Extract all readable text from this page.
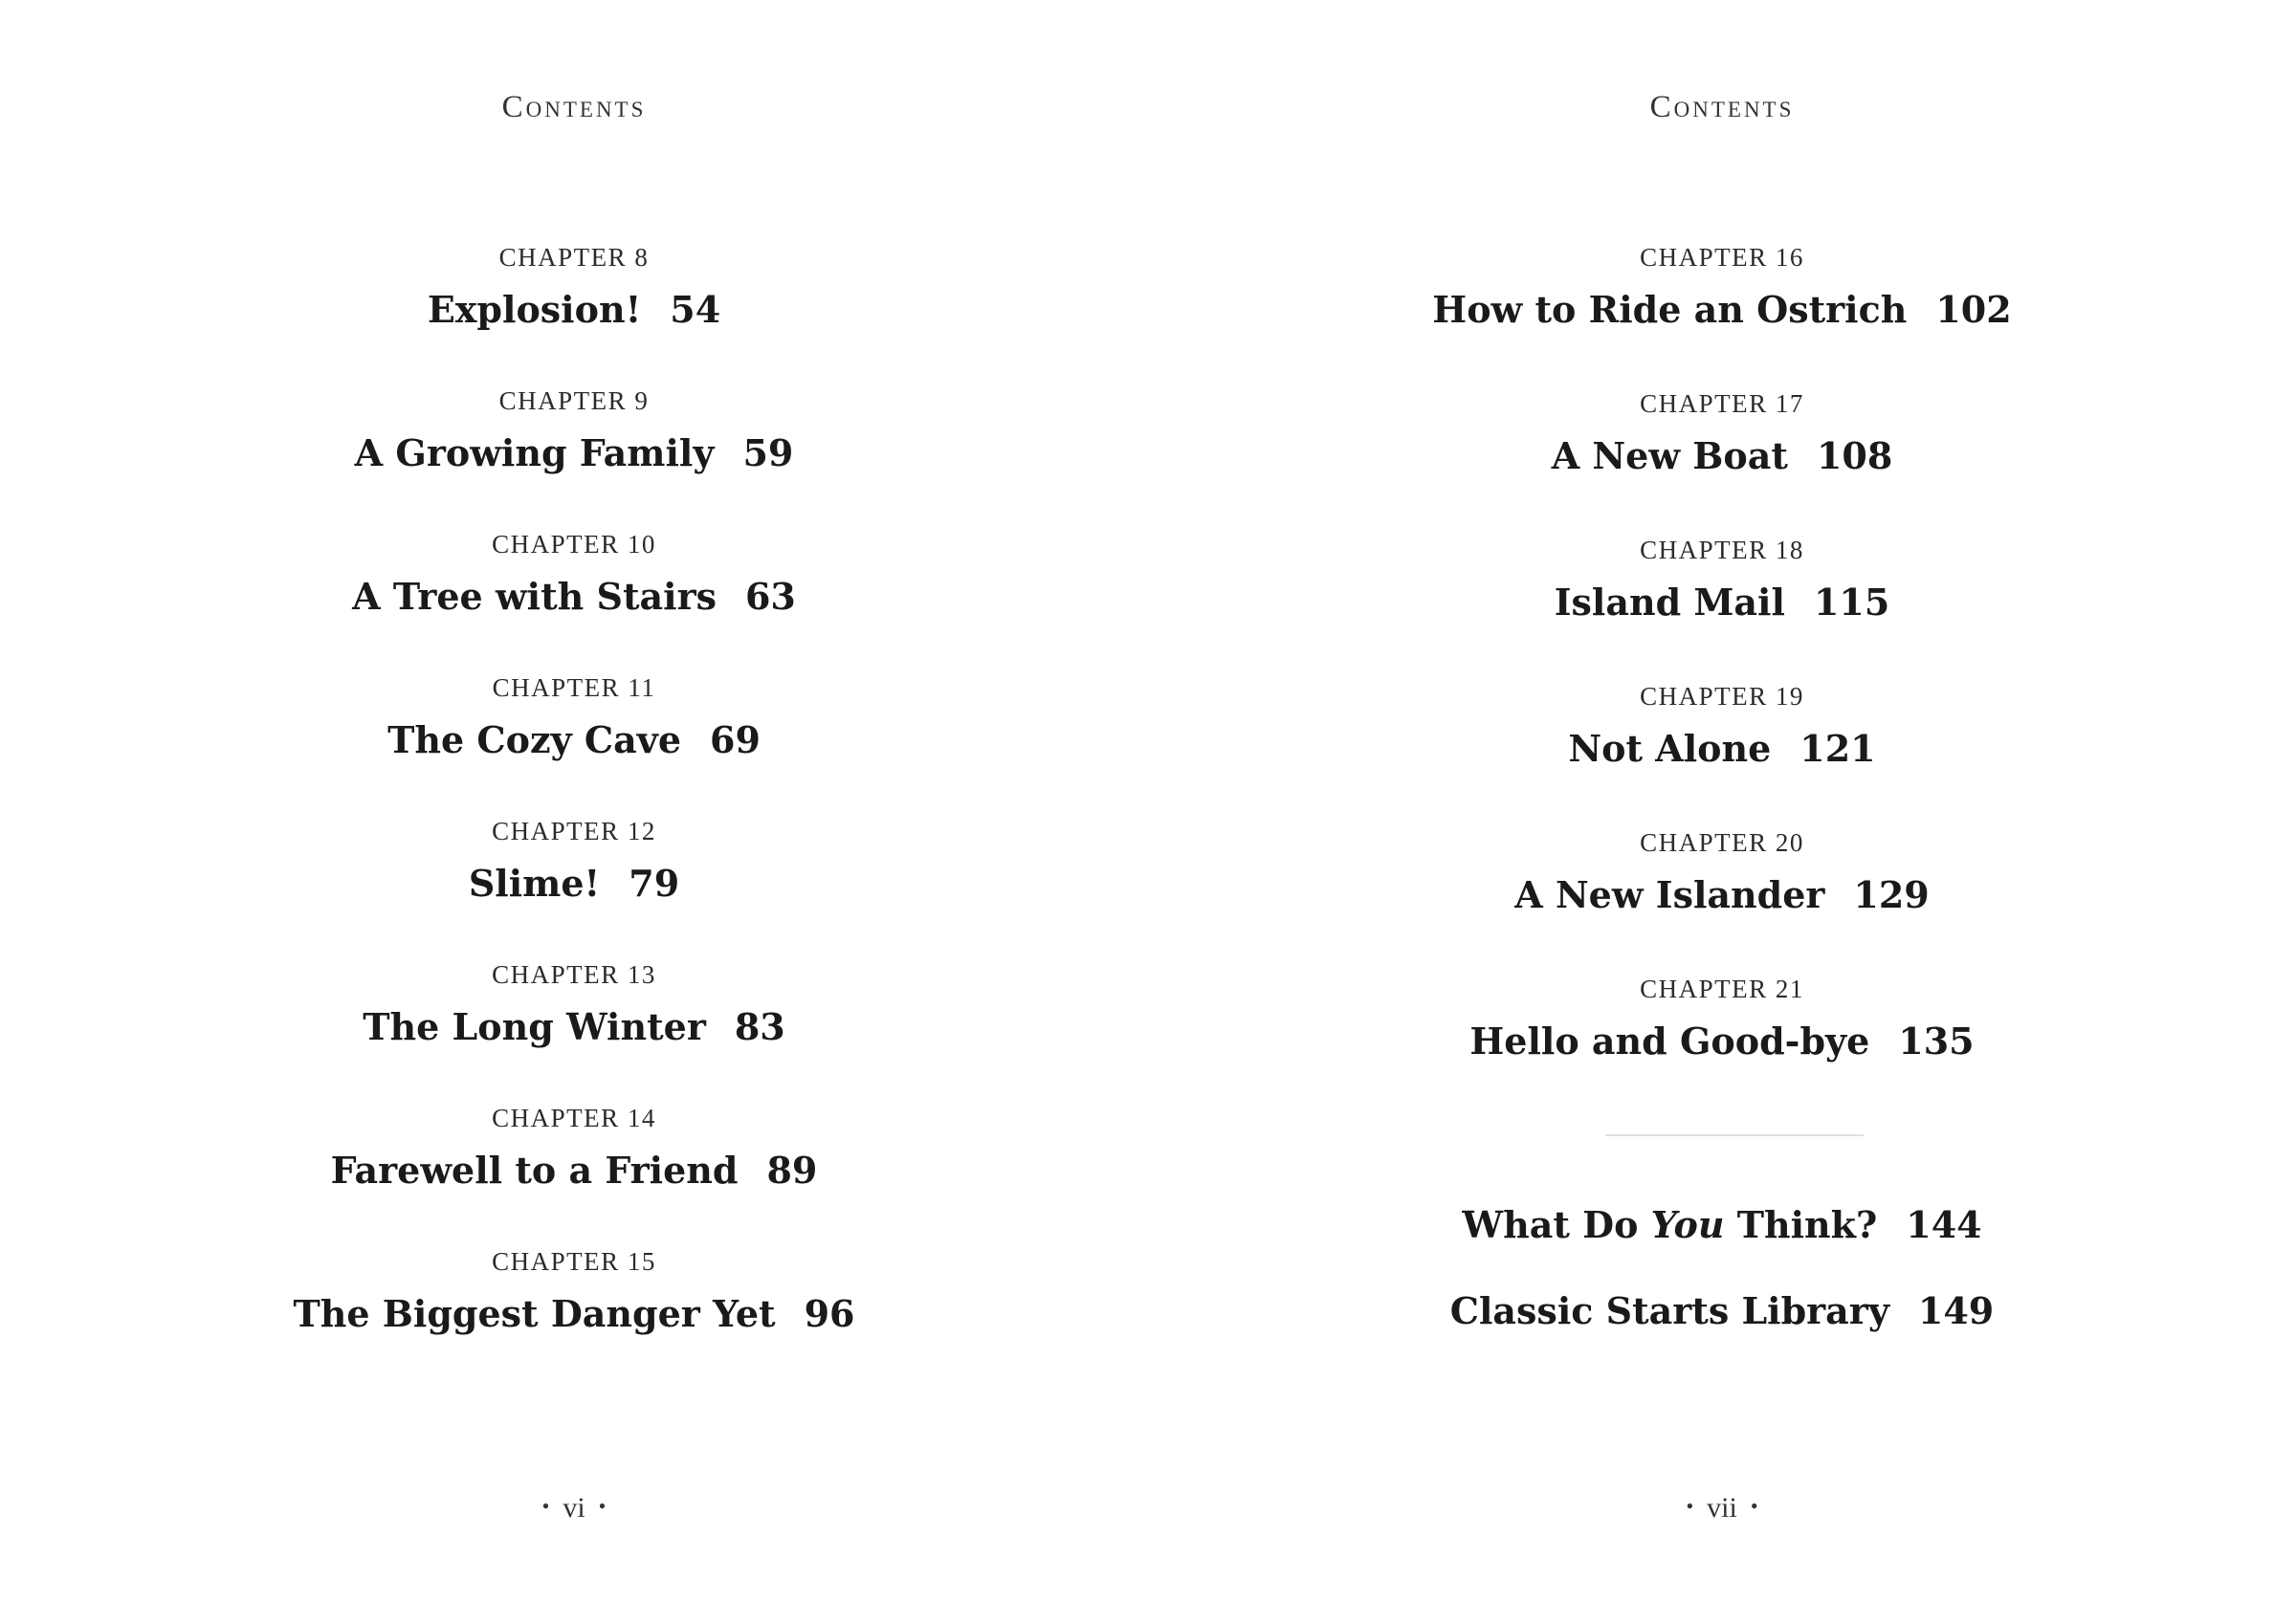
Contents
CHAPTER 8
Explosion! 54
CHAPTER 9
A Growing Family 59
CHAPTER 10
A Tree with Stairs 63
CHAPTER 11
The Cozy Cave 69
CHAPTER 12
Slime! 79
CHAPTER 13
The Long Winter 83
CHAPTER 14
Farewell to a Friend 89
CHAPTER 15
The Biggest Danger Yet 96
• vi •
Contents
CHAPTER 16
How to Ride an Ostrich 102
CHAPTER 17
A New Boat 108
CHAPTER 18
Island Mail 115
CHAPTER 19
Not Alone 121
CHAPTER 20
A New Islander 129
CHAPTER 21
Hello and Good-bye 135
What Do You Think? 144
Classic Starts Library 149
• vii •
